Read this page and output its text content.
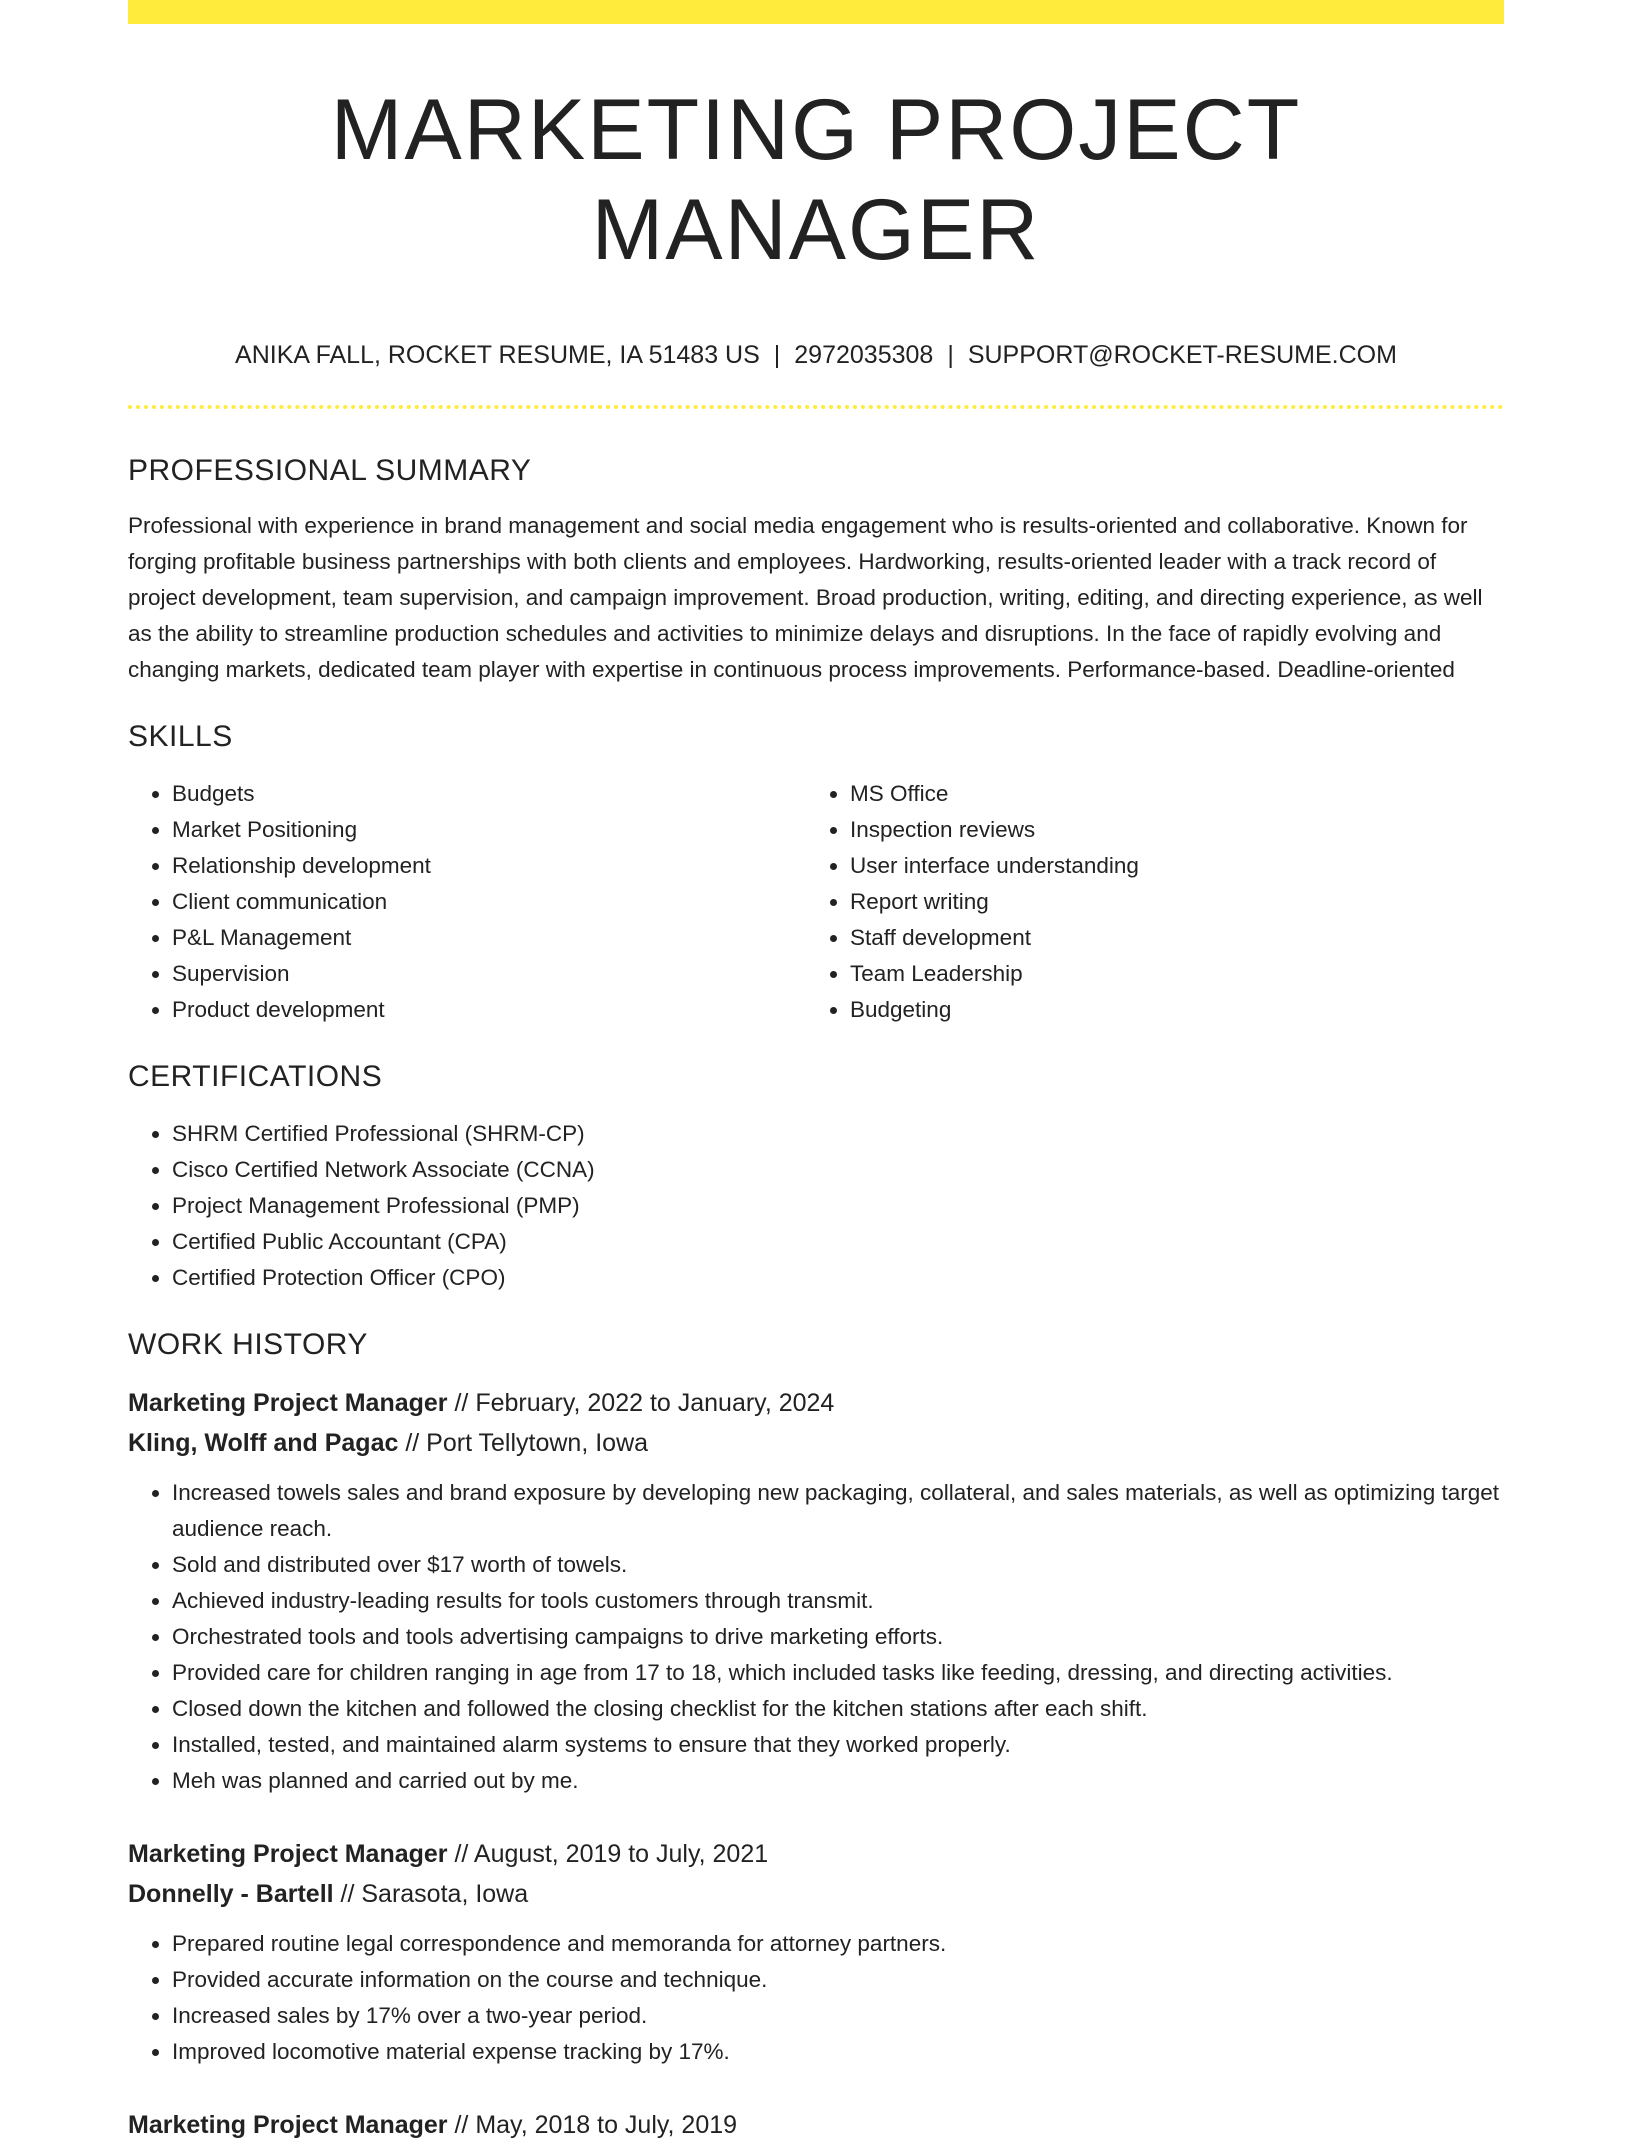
MARKETING PROJECT MANAGER
ANIKA FALL, ROCKET RESUME, IA 51483 US | 2972035308 | SUPPORT@ROCKET-RESUME.COM
PROFESSIONAL SUMMARY

Professional with experience in brand management and social media engagement who is results-oriented and collaborative. Known for forging profitable business partnerships with both clients and employees. Hardworking, results-oriented leader with a track record of project development, team supervision, and campaign improvement. Broad production, writing, editing, and directing experience, as well as the ability to streamline production schedules and activities to minimize delays and disruptions. In the face of rapidly evolving and changing markets, dedicated team player with expertise in continuous process improvements. Performance-based. Deadline-oriented

SKILLS
• Budgets
• Market Positioning
• Relationship development
• Client communication
• P&L Management
• Supervision
• Product development
• MS Office
• Inspection reviews
• User interface understanding
• Report writing
• Staff development
• Team Leadership
• Budgeting
CERTIFICATIONS
• SHRM Certified Professional (SHRM-CP)
• Cisco Certified Network Associate (CCNA)
• Project Management Professional (PMP)
• Certified Public Accountant (CPA)
• Certified Protection Officer (CPO)
WORK HISTORY
Marketing Project Manager // February, 2022 to January, 2024
Kling, Wolff and Pagac // Port Tellytown, Iowa
• Increased towels sales and brand exposure by developing new packaging, collateral, and sales materials, as well as optimizing target audience reach.
• Sold and distributed over $17 worth of towels.
• Achieved industry-leading results for tools customers through transmit.
• Orchestrated tools and tools advertising campaigns to drive marketing efforts.
• Provided care for children ranging in age from 17 to 18, which included tasks like feeding, dressing, and directing activities.
• Closed down the kitchen and followed the closing checklist for the kitchen stations after each shift.
• Installed, tested, and maintained alarm systems to ensure that they worked properly.
• Meh was planned and carried out by me.
Marketing Project Manager // August, 2019 to July, 2021
Donnelly - Bartell // Sarasota, Iowa
• Prepared routine legal correspondence and memoranda for attorney partners.
• Provided accurate information on the course and technique.
• Increased sales by 17% over a two-year period.
• Improved locomotive material expense tracking by 17%.
Marketing Project Manager // May, 2018 to July, 2019
